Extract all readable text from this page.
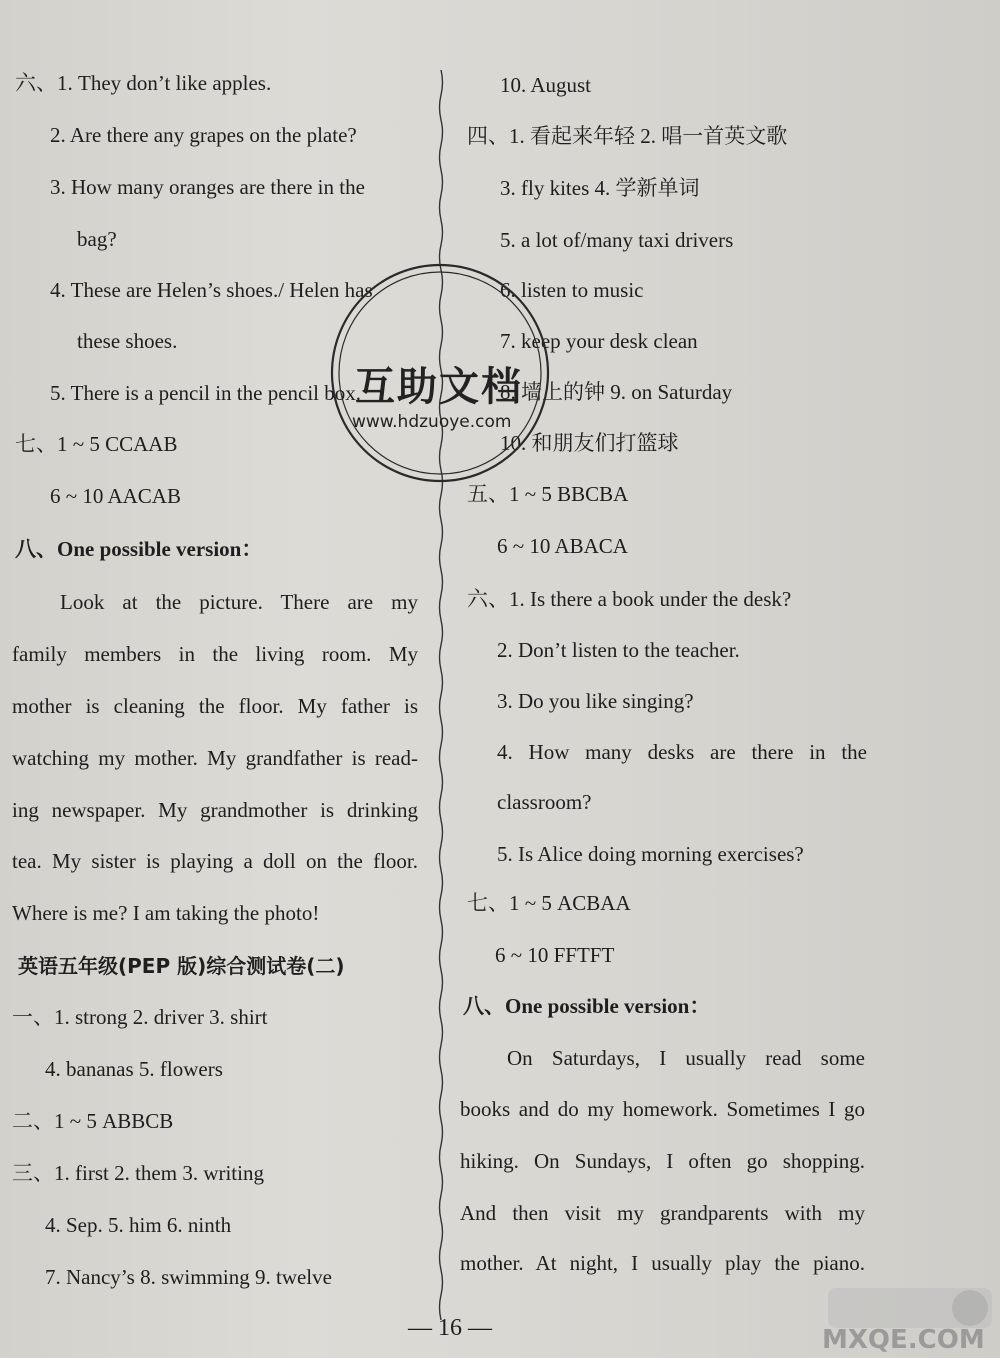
六、1. They don’t like apples.
2. Are there any grapes on the plate?
3. How many oranges are there in the
bag?
4. These are Helen’s shoes./ Helen has
these shoes.
5. There is a pencil in the pencil box.
七、1 ~ 5 CCAAB
6 ~ 10 AACAB
八、One possible version：
Look at the picture. There are my
family members in the living room. My
mother is cleaning the floor. My father is
watching my mother. My grandfather is read-
ing newspaper. My grandmother is drinking
tea. My sister is playing a doll on the floor.
Where is me? I am taking the photo!
英语五年级(PEP 版)综合测试卷(二)
一、1. strong 2. driver 3. shirt
4. bananas 5. flowers
二、1 ~ 5 ABBCB
三、1. first 2. them 3. writing
4. Sep. 5. him 6. ninth
7. Nancy’s 8. swimming 9. twelve
10. August
四、1. 看起来年轻 2. 唱一首英文歌
3. fly kites 4. 学新单词
5. a lot of/many taxi drivers
6. listen to music
7. keep your desk clean
8. 墙上的钟 9. on Saturday
10. 和朋友们打篮球
五、1 ~ 5 BBCBA
6 ~ 10 ABACA
六、1. Is there a book under the desk?
2. Don’t listen to the teacher.
3. Do you like singing?
4. How many desks are there in the
classroom?
5. Is Alice doing morning exercises?
七、1 ~ 5 ACBAA
6 ~ 10 FFTFT
八、One possible version：
On Saturdays, I usually read some
books and do my homework. Sometimes I go
hiking. On Sundays, I often go shopping.
And then visit my grandparents with my
mother. At night, I usually play the piano.
互助文档
www.hdzuoye.com
MXQE.COM
— 16 —
